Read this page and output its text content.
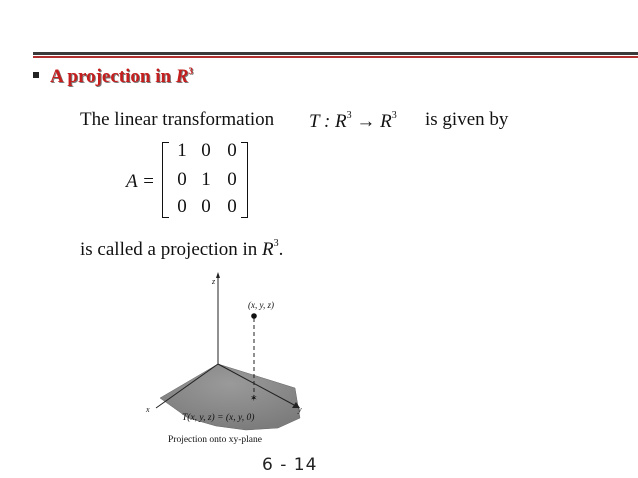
A projection in $R^3$
The linear transformation T : $R^3 \to R^3$ is given by
A =
1 0 0
0 1 0
0 0 0
is called a projection in $R^3$.
z
x	y
(x, y, z)
✶
T(x, y, z) = (x, y, 0)
Projection onto xy-plane
6 - 14
